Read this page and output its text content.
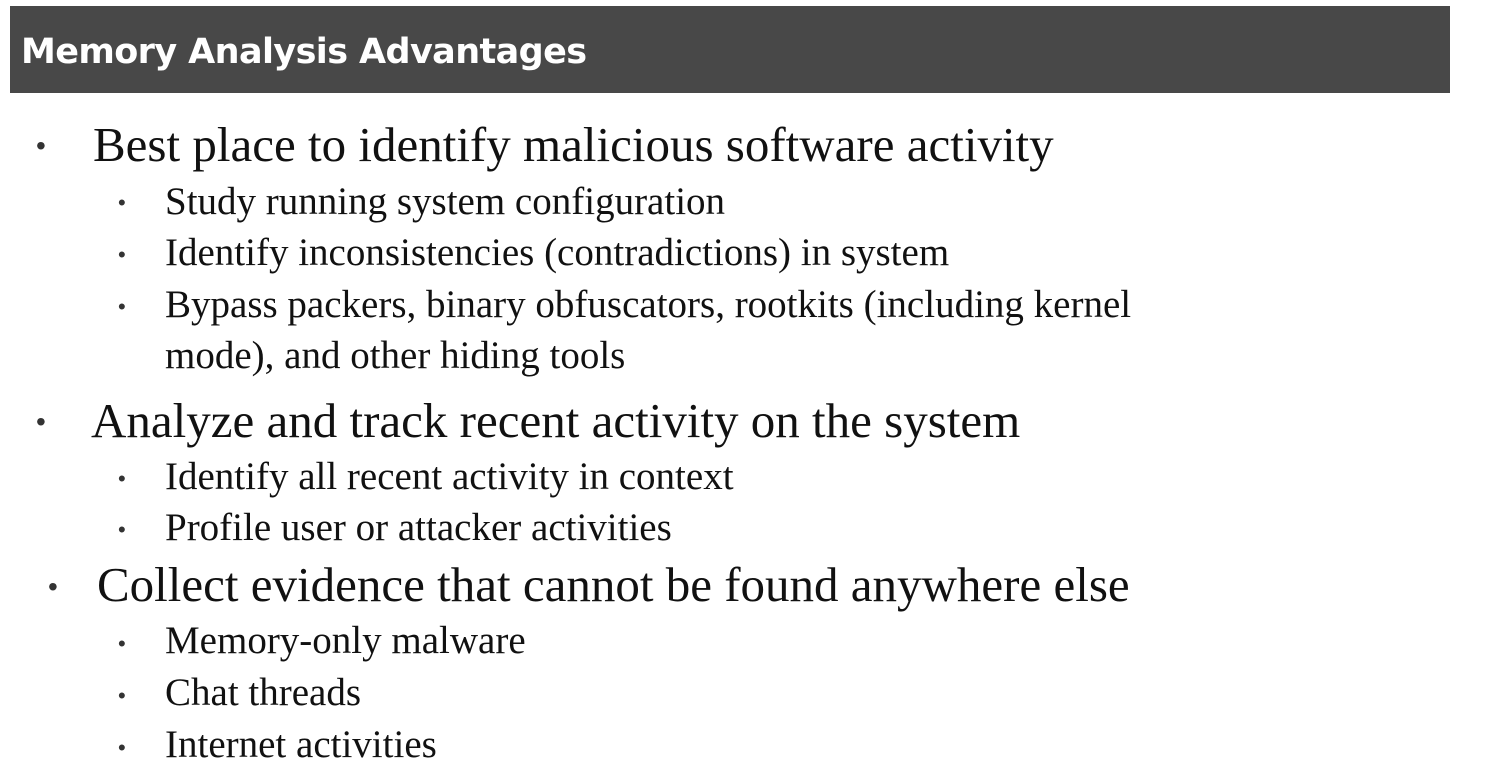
Memory Analysis Advantages
• Best place to identify malicious software activity

• Study running system configuration

• Identify inconsistencies (contradictions) in system

• Bypass packers, binary obfuscators, rootkits (including kernel

mode), and other hiding tools

• Analyze and track recent activity on the system

• Identify all recent activity in context

• Profile user or attacker activities

• Collect evidence that cannot be found anywhere else

• Memory-only malware

• Chat threads

• Internet activities
